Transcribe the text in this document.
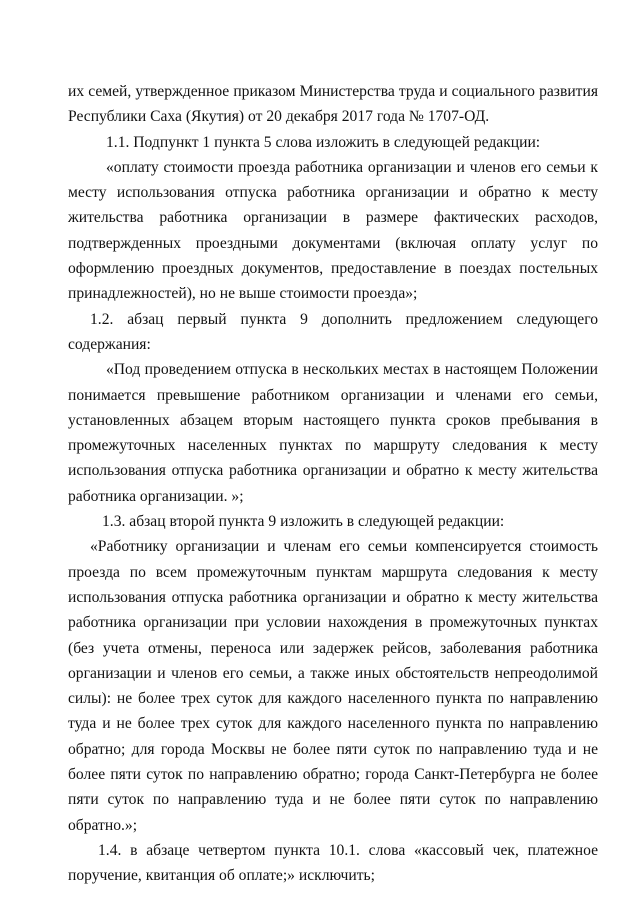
их семей, утвержденное приказом Министерства труда и социального развития Республики Саха (Якутия) от 20 декабря 2017 года № 1707-ОД.

1.1. Подпункт 1 пункта 5 слова изложить в следующей редакции:

«оплату стоимости проезда работника организации и членов его семьи к месту использования отпуска работника организации и обратно к месту жительства работника организации в размере фактических расходов, подтвержденных проездными документами (включая оплату услуг по оформлению проездных документов, предоставление в поездах постельных принадлежностей), но не выше стоимости проезда»;

1.2. абзац первый пункта 9 дополнить предложением следующего содержания:

«Под проведением отпуска в нескольких местах в настоящем Положении понимается превышение работником организации и членами его семьи, установленных абзацем вторым настоящего пункта сроков пребывания в промежуточных населенных пунктах по маршруту следования к месту использования отпуска работника организации и обратно к месту жительства работника организации. »;

1.3. абзац второй пункта 9 изложить в следующей редакции:

«Работнику организации и членам его семьи компенсируется стоимость проезда по всем промежуточным пунктам маршрута следования к месту использования отпуска работника организации и обратно к месту жительства работника организации при условии нахождения в промежуточных пунктах (без учета отмены, переноса или задержек рейсов, заболевания работника организации и членов его семьи, а также иных обстоятельств непреодолимой силы): не более трех суток для каждого населенного пункта по направлению туда и не более трех суток для каждого населенного пункта по направлению обратно; для города Москвы не более пяти суток по направлению туда и не более пяти суток по направлению обратно; города Санкт-Петербурга не более пяти суток по направлению туда и не более пяти суток по направлению обратно.»;

1.4. в абзаце четвертом пункта 10.1. слова «кассовый чек, платежное поручение, квитанция об оплате;» исключить;
